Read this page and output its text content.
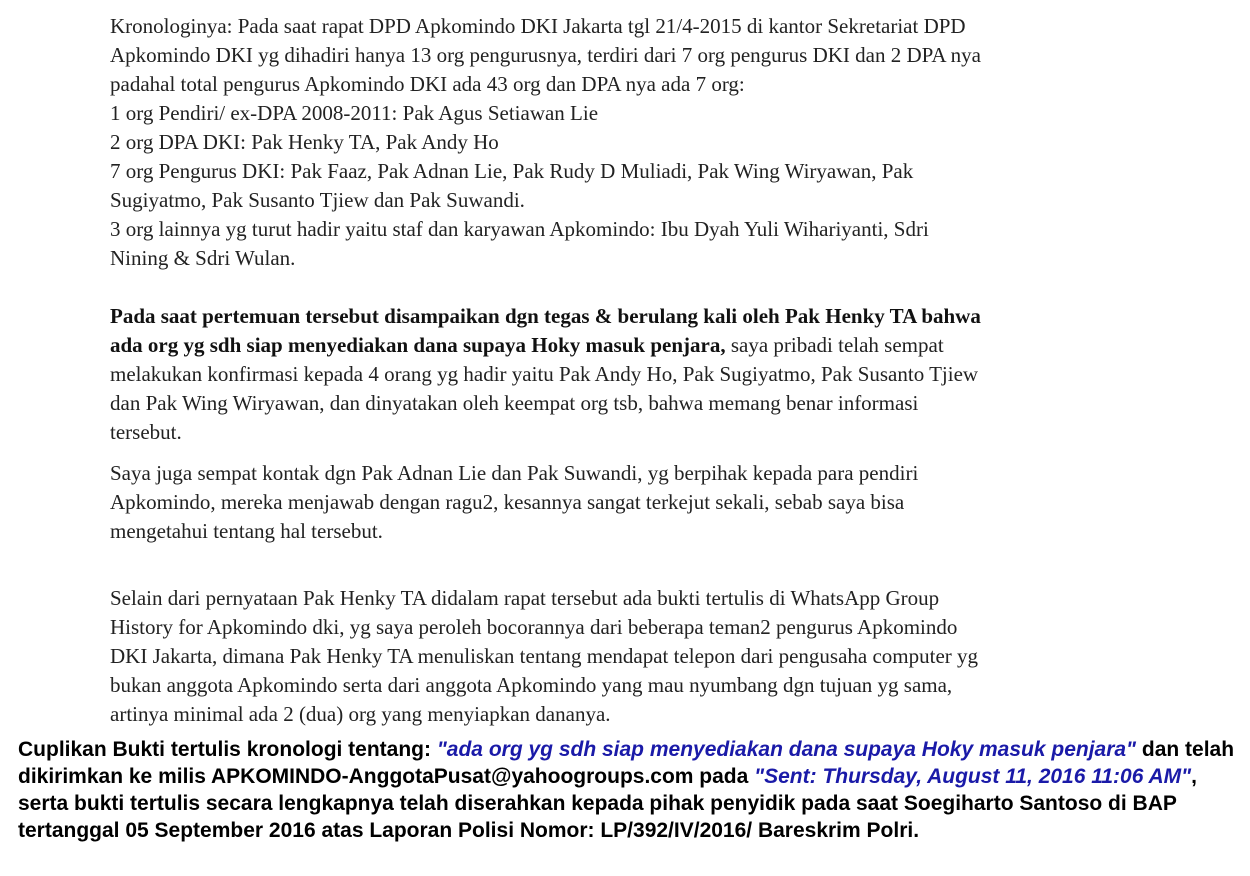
Kronologinya: Pada saat rapat DPD Apkomindo DKI Jakarta tgl 21/4-2015 di kantor Sekretariat DPD

Apkomindo DKI yg dihadiri hanya 13 org pengurusnya, terdiri dari 7 org pengurus DKI dan 2 DPA nya

padahal total pengurus Apkomindo DKI ada 43 org dan DPA nya ada 7 org:

1 org Pendiri/ ex-DPA 2008-2011: Pak Agus Setiawan Lie

2 org DPA DKI: Pak Henky TA, Pak Andy Ho

7 org Pengurus DKI: Pak Faaz, Pak Adnan Lie, Pak Rudy D Muliadi, Pak Wing Wiryawan, Pak

Sugiyatmo, Pak Susanto Tjiew dan Pak Suwandi.

3 org lainnya yg turut hadir yaitu staf dan karyawan Apkomindo: Ibu Dyah Yuli Wihariyanti, Sdri

Nining & Sdri Wulan.

Pada saat pertemuan tersebut disampaikan dgn tegas & berulang kali oleh Pak Henky TA bahwa

ada org yg sdh siap menyediakan dana supaya Hoky masuk penjara, saya pribadi telah sempat

melakukan konfirmasi kepada 4 orang yg hadir yaitu Pak Andy Ho, Pak Sugiyatmo, Pak Susanto Tjiew

dan Pak Wing Wiryawan, dan dinyatakan oleh keempat org tsb, bahwa memang benar informasi

tersebut.

Saya juga sempat kontak dgn Pak Adnan Lie dan Pak Suwandi, yg berpihak kepada para pendiri

Apkomindo, mereka menjawab dengan ragu2, kesannya sangat terkejut sekali, sebab saya bisa

mengetahui tentang hal tersebut.

Selain dari pernyataan Pak Henky TA didalam rapat tersebut ada bukti tertulis di WhatsApp Group

History for Apkomindo dki, yg saya peroleh bocorannya dari beberapa teman2 pengurus Apkomindo

DKI Jakarta, dimana Pak Henky TA menuliskan tentang mendapat telepon dari pengusaha computer yg

bukan anggota Apkomindo serta dari anggota Apkomindo yang mau nyumbang dgn tujuan yg sama,

artinya minimal ada 2 (dua) org yang menyiapkan dananya.

Cuplikan Bukti tertulis kronologi tentang: "ada org yg sdh siap menyediakan dana supaya Hoky masuk penjara" dan telah dikirimkan ke milis APKOMINDO-AnggotaPusat@yahoogroups.com pada "Sent: Thursday, August 11, 2016 11:06 AM", serta bukti tertulis secara lengkapnya telah diserahkan kepada pihak penyidik pada saat Soegiharto Santoso di BAP tertanggal 05 September 2016 atas Laporan Polisi Nomor: LP/392/IV/2016/ Bareskrim Polri.
